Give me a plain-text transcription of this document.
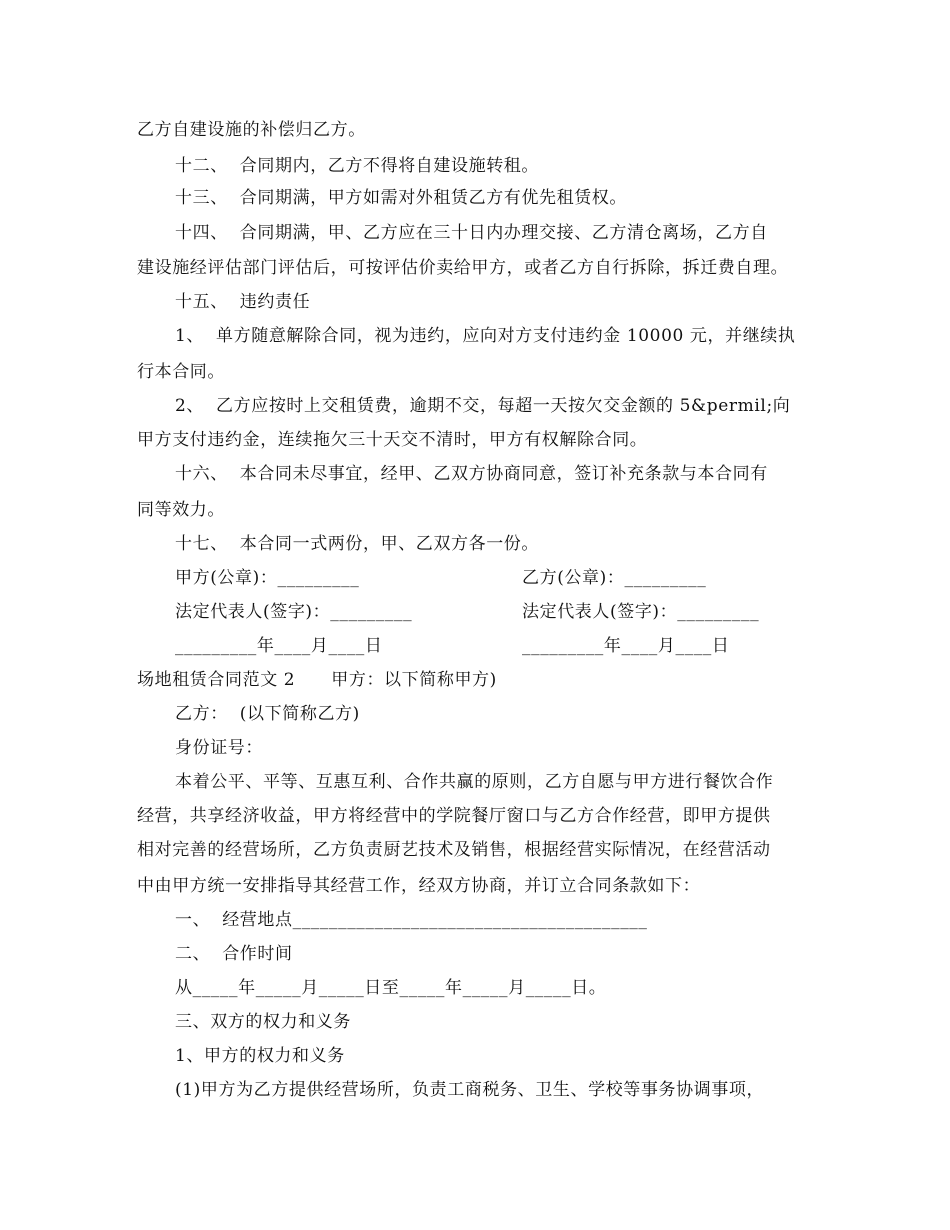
乙方自建设施的补偿归乙方。
十二、  合同期内，乙方不得将自建设施转租。
十三、  合同期满，甲方如需对外租赁乙方有优先租赁权。
十四、  合同期满，甲、乙方应在三十日内办理交接、乙方清仓离场，乙方自
建设施经评估部门评估后，可按评估价卖给甲方，或者乙方自行拆除，拆迁费自理。
十五、  违约责任
1、  单方随意解除合同，视为违约，应向对方支付违约金 10000 元，并继续执
行本合同。
2、  乙方应按时上交租赁费，逾期不交，每超一天按欠交金额的 5&permil;向
甲方支付违约金，连续拖欠三十天交不清时，甲方有权解除合同。
十六、  本合同未尽事宜，经甲、乙双方协商同意，签订补充条款与本合同有
同等效力。
十七、  本合同一式两份，甲、乙双方各一份。
甲方(公章)：_________	乙方(公章)：_________
法定代表人(签字)：_________	法定代表人(签字)：_________
_________年____月____日	_________年____月____日
场地租赁合同范文 2      甲方：以下简称甲方)
乙方：  (以下简称乙方)
身份证号：
本着公平、平等、互惠互利、合作共赢的原则，乙方自愿与甲方进行餐饮合作
经营，共享经济收益，甲方将经营中的学院餐厅窗口与乙方合作经营，即甲方提供
相对完善的经营场所，乙方负责厨艺技术及销售，根据经营实际情况，在经营活动
中由甲方统一安排指导其经营工作，经双方协商，并订立合同条款如下：
一、  经营地点_______________________________________
二、  合作时间
从_____年_____月_____日至_____年_____月_____日。
三、双方的权力和义务
1、甲方的权力和义务
(1)甲方为乙方提供经营场所，负责工商税务、卫生、学校等事务协调事项，
